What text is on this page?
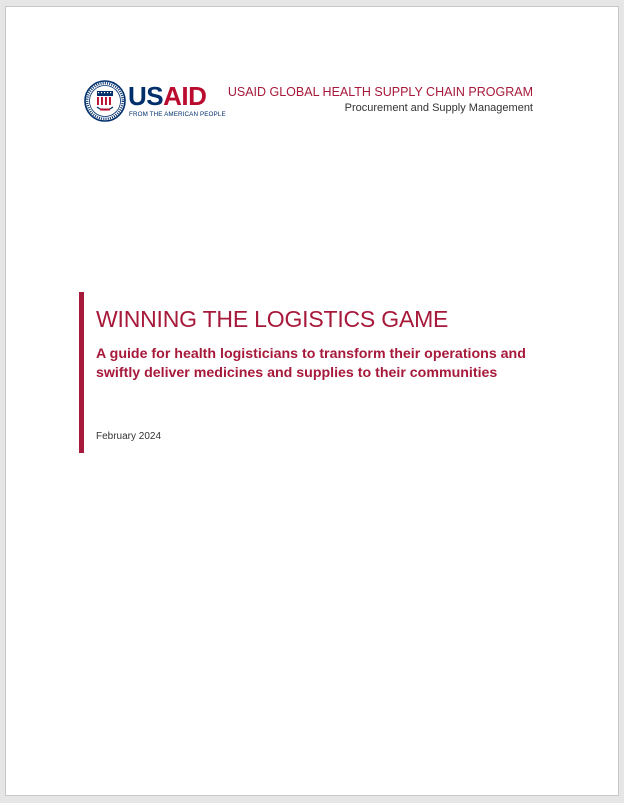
USAID
FROM THE AMERICAN PEOPLE
USAID GLOBAL HEALTH SUPPLY CHAIN PROGRAM
Procurement and Supply Management
WINNING THE LOGISTICS GAME
A guide for health logisticians to transform their operations and swiftly deliver medicines and supplies to their communities
February 2024
